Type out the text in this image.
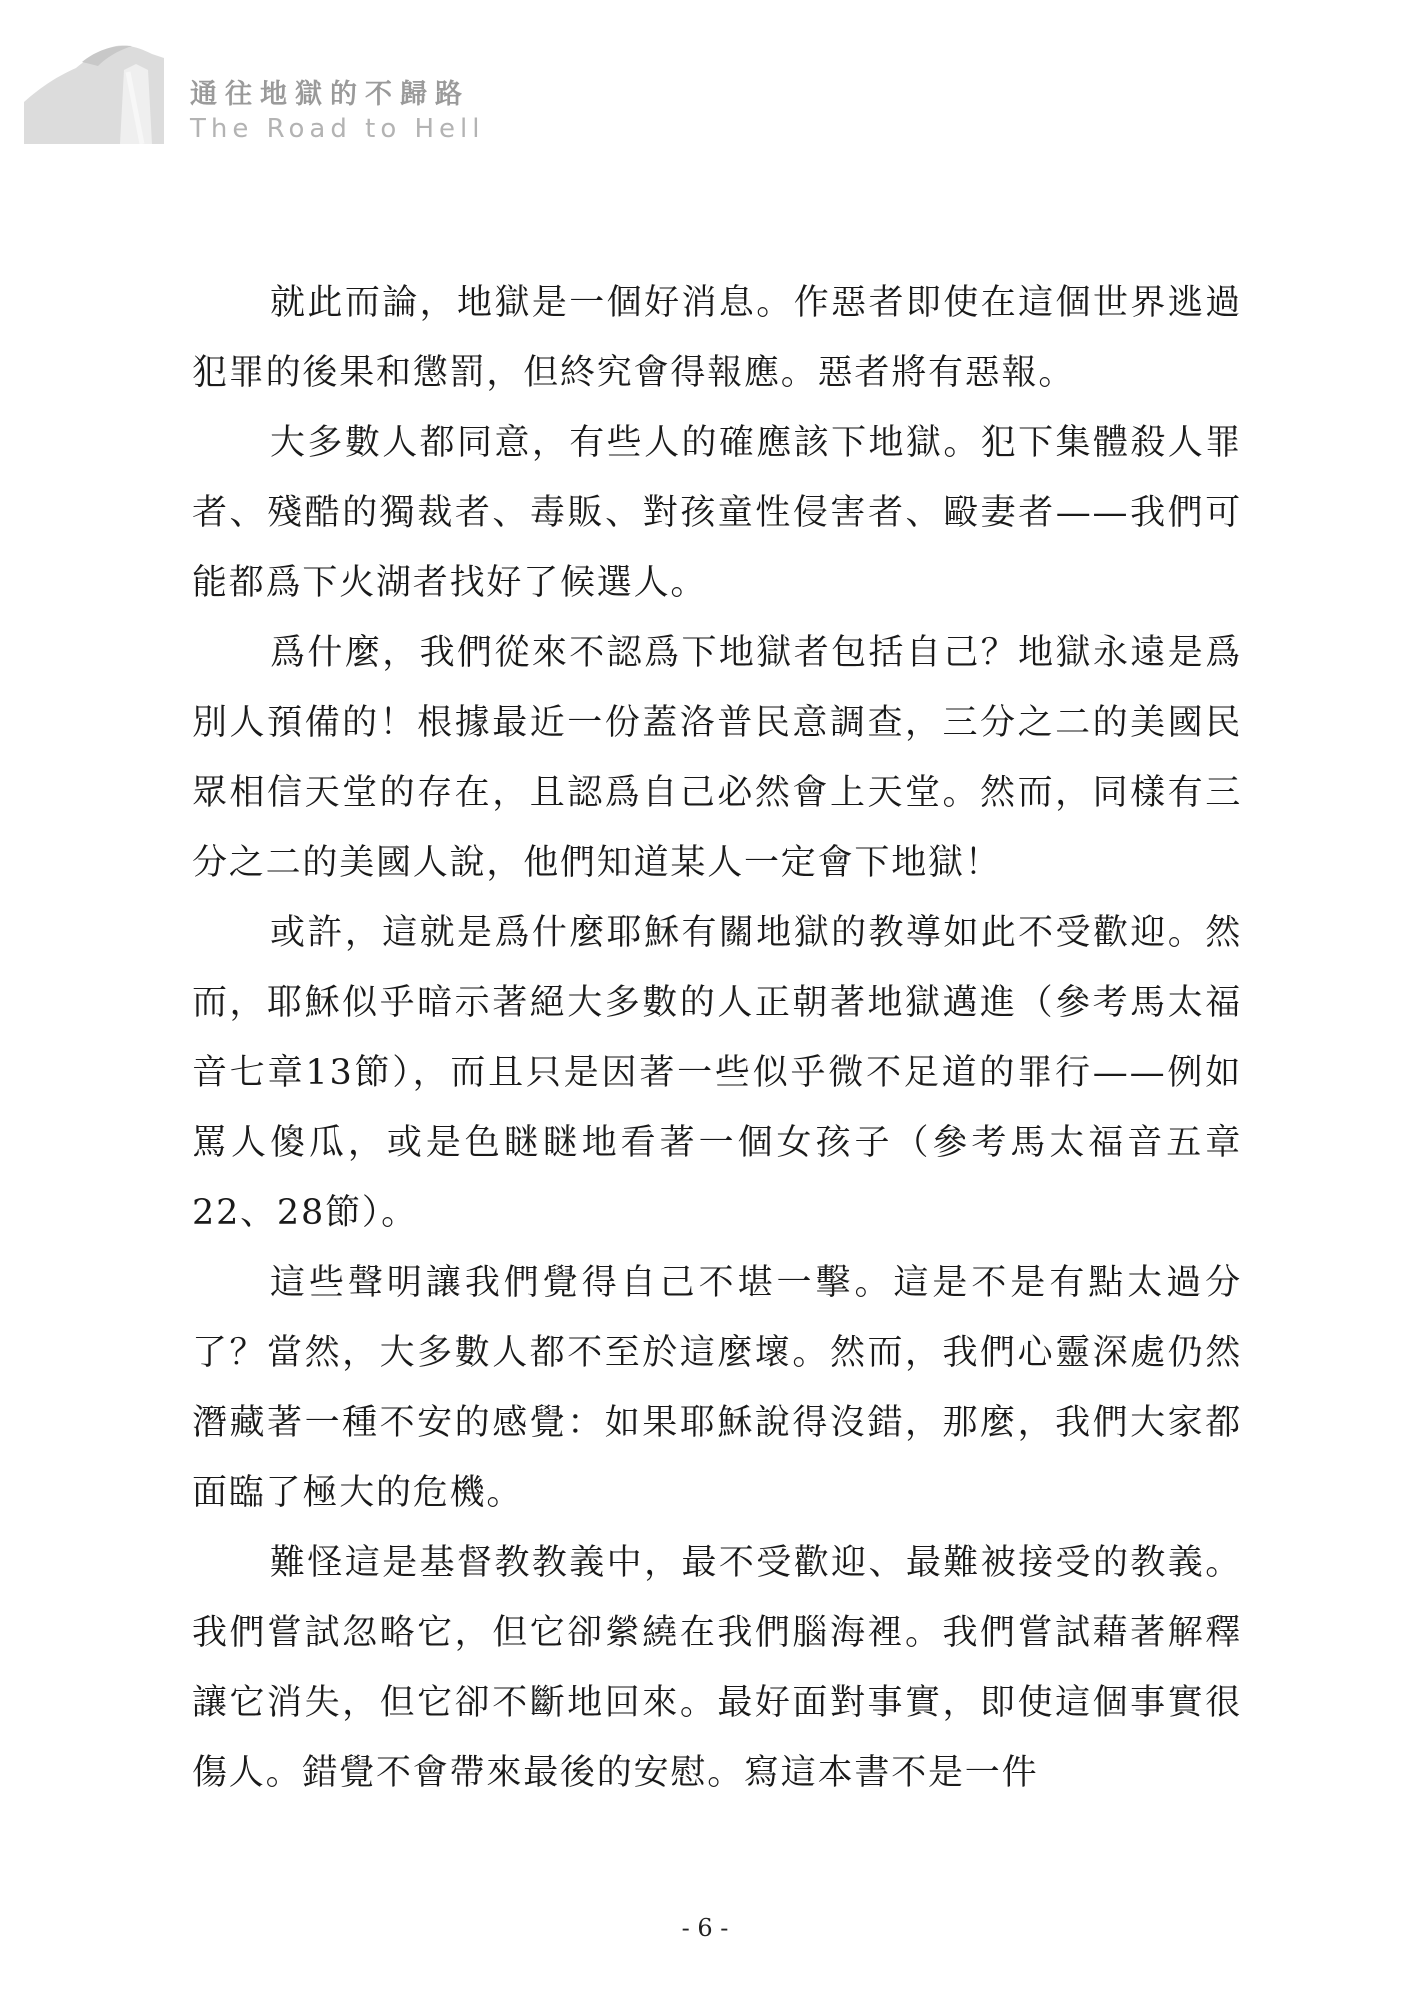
通往地獄的不歸路
The Road to Hell

就此而論，地獄是一個好消息。作惡者即使在這個世界逃過犯罪的後果和懲罰，但終究會得報應。惡者將有惡報。

大多數人都同意，有些人的確應該下地獄。犯下集體殺人罪者、殘酷的獨裁者、毒販、對孩童性侵害者、毆妻者——我們可能都爲下火湖者找好了候選人。

爲什麼，我們從來不認爲下地獄者包括自己？地獄永遠是爲別人預備的！根據最近一份蓋洛普民意調查，三分之二的美國民眾相信天堂的存在，且認爲自己必然會上天堂。然而，同樣有三分之二的美國人說，他們知道某人一定會下地獄！

或許，這就是爲什麼耶穌有關地獄的教導如此不受歡迎。然而，耶穌似乎暗示著絕大多數的人正朝著地獄邁進（參考馬太福音七章13節），而且只是因著一些似乎微不足道的罪行——例如罵人傻瓜，或是色瞇瞇地看著一個女孩子（參考馬太福音五章22、28節）。

這些聲明讓我們覺得自己不堪一擊。這是不是有點太過分了？當然，大多數人都不至於這麼壞。然而，我們心靈深處仍然潛藏著一種不安的感覺：如果耶穌說得沒錯，那麼，我們大家都面臨了極大的危機。

難怪這是基督教教義中，最不受歡迎、最難被接受的教義。我們嘗試忽略它，但它卻縈繞在我們腦海裡。我們嘗試藉著解釋讓它消失，但它卻不斷地回來。最好面對事實，即使這個事實很傷人。錯覺不會帶來最後的安慰。寫這本書不是一件

- 6 -
